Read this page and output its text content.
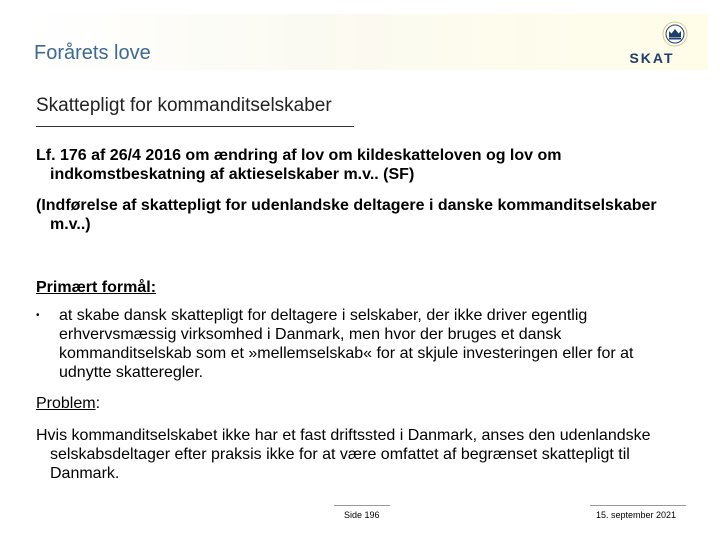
Forårets love	SKAT
Skattepligt for kommanditselskaber
Lf. 176 af 26/4 2016 om ændring af lov om kildeskatteloven og lov om indkomstbeskatning af aktieselskaber m.v.. (SF)
(Indførelse af skattepligt for udenlandske deltagere i danske kommanditselskaber m.v..)
Primært formål:
• at skabe dansk skattepligt for deltagere i selskaber, der ikke driver egentlig erhvervsmæssig virksomhed i Danmark, men hvor der bruges et dansk kommanditselskab som et »mellemselskab« for at skjule investeringen eller for at udnytte skatteregler.
Problem:
Hvis kommanditselskabet ikke har et fast driftssted i Danmark, anses den udenlandske selskabsdeltager efter praksis ikke for at være omfattet af begrænset skattepligt til Danmark.
Side 196	15. september 2021
